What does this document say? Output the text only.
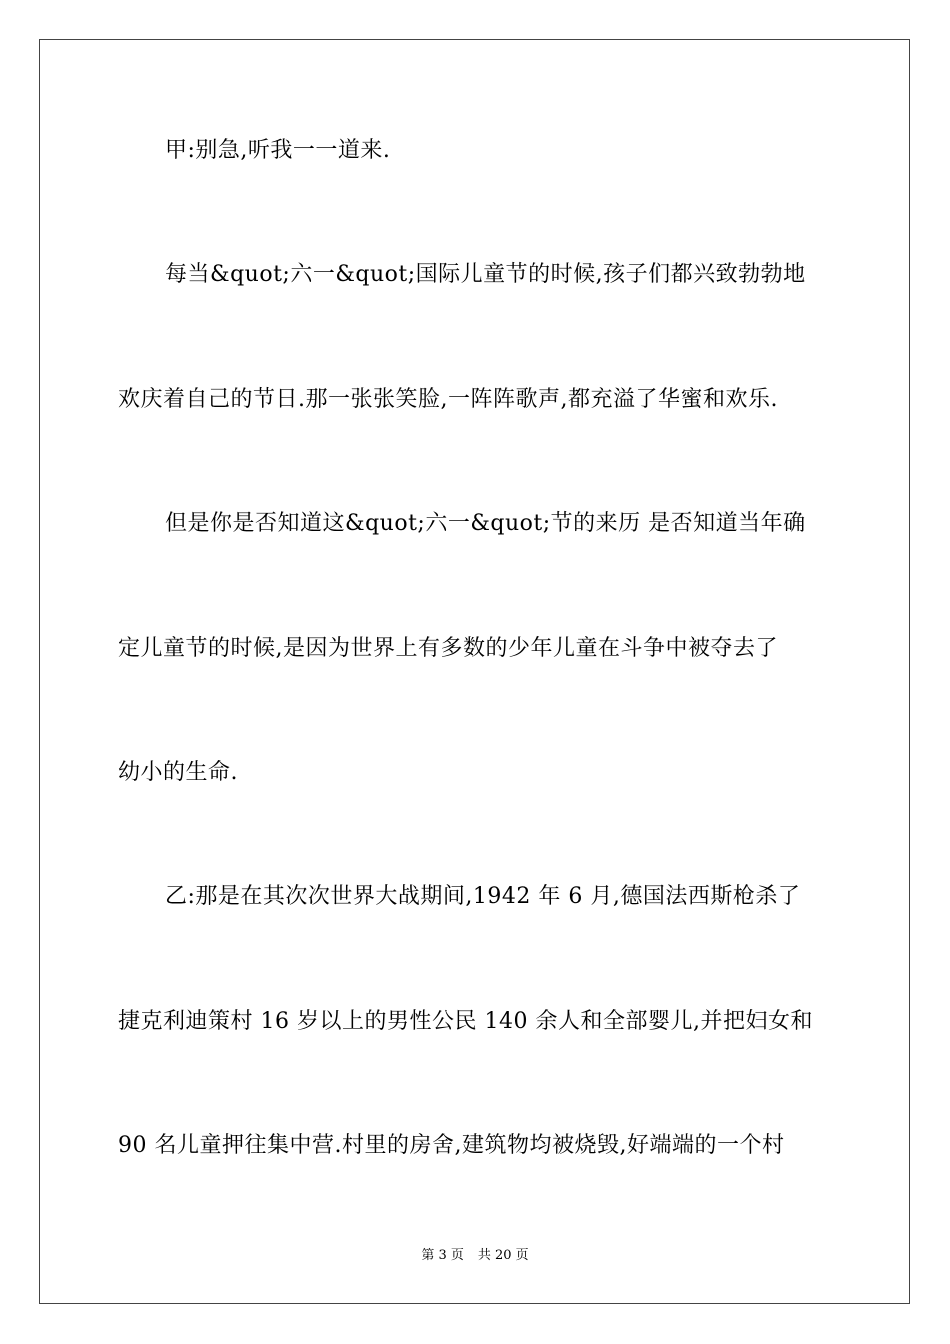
甲:别急,听我一一道来.
每当&quot;六一&quot;国际儿童节的时候,孩子们都兴致勃勃地
欢庆着自己的节日.那一张张笑脸,一阵阵歌声,都充溢了华蜜和欢乐.
但是你是否知道这&quot;六一&quot;节的来历 是否知道当年确
定儿童节的时候,是因为世界上有多数的少年儿童在斗争中被夺去了
幼小的生命.
乙:那是在其次次世界大战期间,1942 年 6 月,德国法西斯枪杀了
捷克利迪策村 16 岁以上的男性公民 140 余人和全部婴儿,并把妇女和
90 名儿童押往集中营.村里的房舍,建筑物均被烧毁,好端端的一个村
第 3 页 共 20 页
